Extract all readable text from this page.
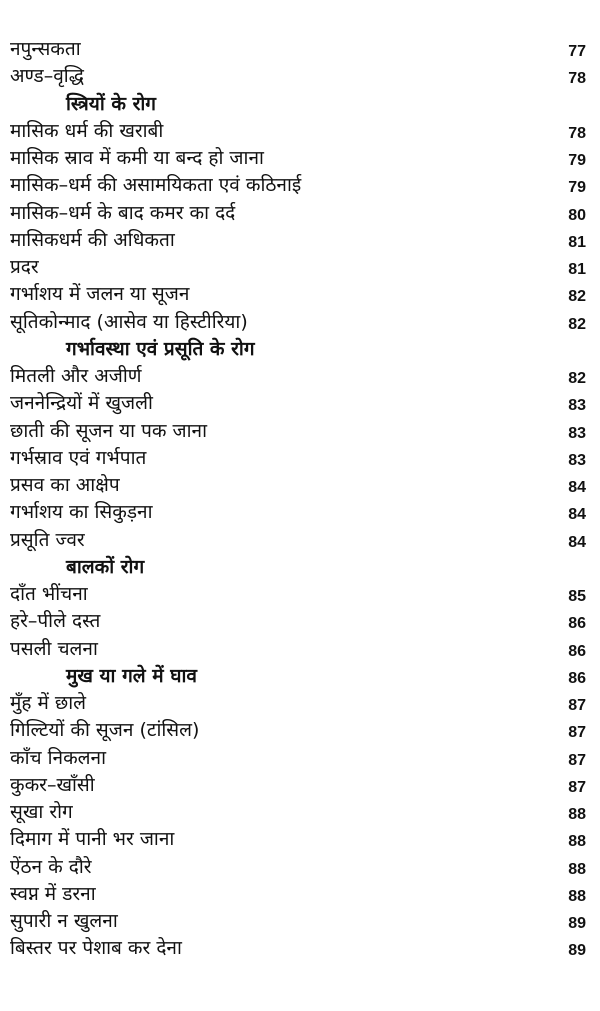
नपुन्सकता	77
अण्ड–वृद्धि	78
स्त्रियों के रोग
मासिक धर्म की खराबी	78
मासिक स्राव में कमी या बन्द हो जाना	79
मासिक–धर्म की असामयिकता एवं कठिनाई	79
मासिक–धर्म के बाद कमर का दर्द	80
मासिकधर्म की अधिकता	81
प्रदर	81
गर्भाशय में जलन या सूजन	82
सूतिकोन्माद (आसेव या हिस्टीरिया)	82
गर्भावस्था एवं प्रसूति के रोग
मितली और अजीर्ण	82
जननेन्द्रियों में खुजली	83
छाती की सूजन या पक जाना	83
गर्भस्राव एवं गर्भपात	83
प्रसव का आक्षेप	84
गर्भाशय का सिकुड़ना	84
प्रसूति ज्वर	84
बालकों रोग
दाँत भींचना	85
हरे–पीले दस्त	86
पसली चलना	86
मुख या गले में घाव	86
मुँह में छाले	87
गिल्टियों की सूजन (टांसिल)	87
काँच निकलना	87
कुकर–खाँसी	87
सूखा रोग	88
दिमाग में पानी भर जाना	88
ऐंठन के दौरे	88
स्वप्न में डरना	88
सुपारी न खुलना	89
बिस्तर पर पेशाब कर देना	89
